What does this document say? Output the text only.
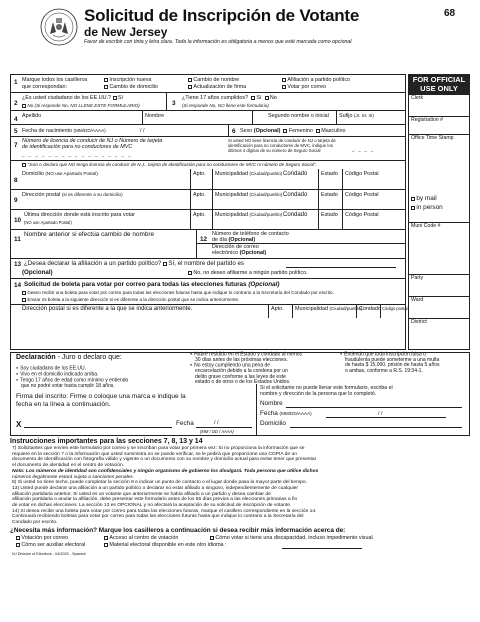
Solicitud de Inscripción de Votante	68
de New Jersey
Favor de escribir con tinta y letra clara. Toda la información es obligatoria a menos que esté marcada como opcional.
FOR OFFICIAL
USE ONLY
Clerk
Registration #
Office Time Stamp
Muni Code #
Party
Ward
District
1 Marque todos los casilleros
que correspondan:
Inscripción nueva
Cambio de domicilio
Cambio de nombre
Actualización de firma
Afiliación a partido político
Votar por correo
2
¿Es usted ciudadano de los EE.UU.? Sí
No (Si responde No, NO LLENE ESTE FORMULARIO)	3
¿Tiene 17 años cumplidos? Sí No
(Si responde No, NO llene este formulario)
4 Apellido	Nombre	Segundo nombre o inicial Sufijo (Jr. Sr. III)
5 Fecha de nacimiento (MM/DD/AAAA)	/ /	6 Sexo (Opcional) Femenino Masculino
7
Número de licencia de conducir de NJ o Número de tarjeta
de identificación para no conductores de MVC
_ _ _ _ _ _ _ _ _ _ _ _ _ _ _ _ _
Si usted NO tiene licencia de conducir de NJ o tarjeta de
identificación para no conductores de MVC, indique los
últimos 4 dígitos de su número de Seguro Social	_ _ _ _
"Juro o declaro que NO tengo licencia de conducir de N.J., tarjeta de identificación para no conductores de MVC ni número de Seguro Social".
8
Domicilio (NO use Apartado Postal)	Apto. Municipalidad (Ciudad/pueblo) Condado	Estado Código Postal
9
Dirección postal (si es diferente a su domicilio)	Apto. Municipalidad (Ciudad/pueblo) Condado	Estado Código Postal	by mail
in person
10
Última dirección donde está inscrito para votar
(NO use Apartado Postal)
Apto. Municipalidad (Ciudad/pueblo) Condado	Estado Código Postal
11
Nombre anterior si efectúa cambio de nombre
12
Número de teléfono de contacto
de día (Opcional)
Dirección de correo
electrónico (Opcional)
13 ¿Desea declarar la afiliación a un partido político? Sí, el nombre del partido es
(Opcional)	No, no deseo afiliarme a ningún partido político.
14 Solicitud de boleta para votar por correo para todas las elecciones futuras (Opcional)
Deseo recibir una boleta para votar por correo para todas las elecciones futuras hasta que indique lo contrario a la Secretaría del Condado por escrito.
Enviar mi boleta a la siguiente dirección si es diferente a la dirección postal que se indica anteriormente.
Dirección postal si es diferente a la que se indica anteriormente.	Apto. Municipalidad (Ciudad/pueblo)
Condado Código postal
Declaración - Juro o declaro que:
● Soy ciudadano de los EE.UU.
● Vivo en el domicilio indicado arriba.
● Tengo 17 años de edad como mínimo y entiendo
que no podré votar hasta cumplir 18 años.
● Habré residido en el Estado y condado al menos
30 días antes de las próximas elecciones.
● No estoy cumpliendo una pena de
encarcelación debido a la condena por un
delito grave conforme a las leyes de este
estado o de otros o de los Estados Unidos.
● Entiendo que toda inscripción falsa o
fraudulenta puede someterme a una multa
de hasta $ 15,000, prisión de hasta 5 años
o ambas, conforme a R.S. 19:34-1.
Firma del inscrito: Firme o coloque una marca e indique la
fecha en la línea a continuación.
X	Fecha	/ /
(MM / DD / AAAA)
Si el solicitante no puede llenar este formulario, escriba el
nombre y dirección de la persona que lo completó.
Nombre
Fecha (MM/DD/AAAA)	/ /
Domicilio
Instrucciones importantes para las secciones 7, 8, 13 y 14
7) Solicitantes que envíen este formulario por correo y se inscriban para votar por primera vez: Si no proporciona la información que se
requiere en la sección 7 o la información que usted suministra no se puede verificar, se le pedirá que proporcione una COPIA de un
documento de identificación con fotografía válido y vigente o un documento con su nombre y domicilio actual para evitar tener que presentar
el documento de identidad en el centro de votación.
Nota: Los números de identidad son confidenciales y ningún organismo de gobierno los divulgará. Toda persona que utilice dichos
números ilegalmente estará sujeta a sanciones penales.
8) Si usted no tiene techo, puede completar la sección 8 e indicar un punto de contacto o el lugar donde pasa la mayor parte del tiempo.
13) Usted puede declarar una afiliación a un partido político o declarar no estar afiliado a ninguno, independientemente de cualquier
afiliación partidaria anterior. Si usted es un votante que anteriormente se había afiliado a un partido y desea cambiar de
afiliación partidaria o anular la afiliación, debe presentar este formulario antes de los 55 días previos a las elecciones primarias a fin
de votar en dichas elecciones. La sección 13 es OPCIONAL y no afectará la aceptación de su solicitud de inscripción de votante.
14) Si desea recibir una boleta para votar por correo para todas las elecciones futuras, marque el casillero correspondiente en la sección 14.
Continuará recibiendo boletas para votar por correo para todas las elecciones futuras hasta que indique lo contrario a la Secretaría del
Condado por escrito.
¿Necesita más información? Marque los casilleros a continuación si desea recibir más información acerca de:
Votación por correo	Acceso al centro de votación	Cómo votar si tiene una discapacidad, incluso impedimento visual
Cómo ser auxiliar electoral	Material electoral disponible en este otro idioma :
NJ Division of Elections - 04/2020 - Spanish
